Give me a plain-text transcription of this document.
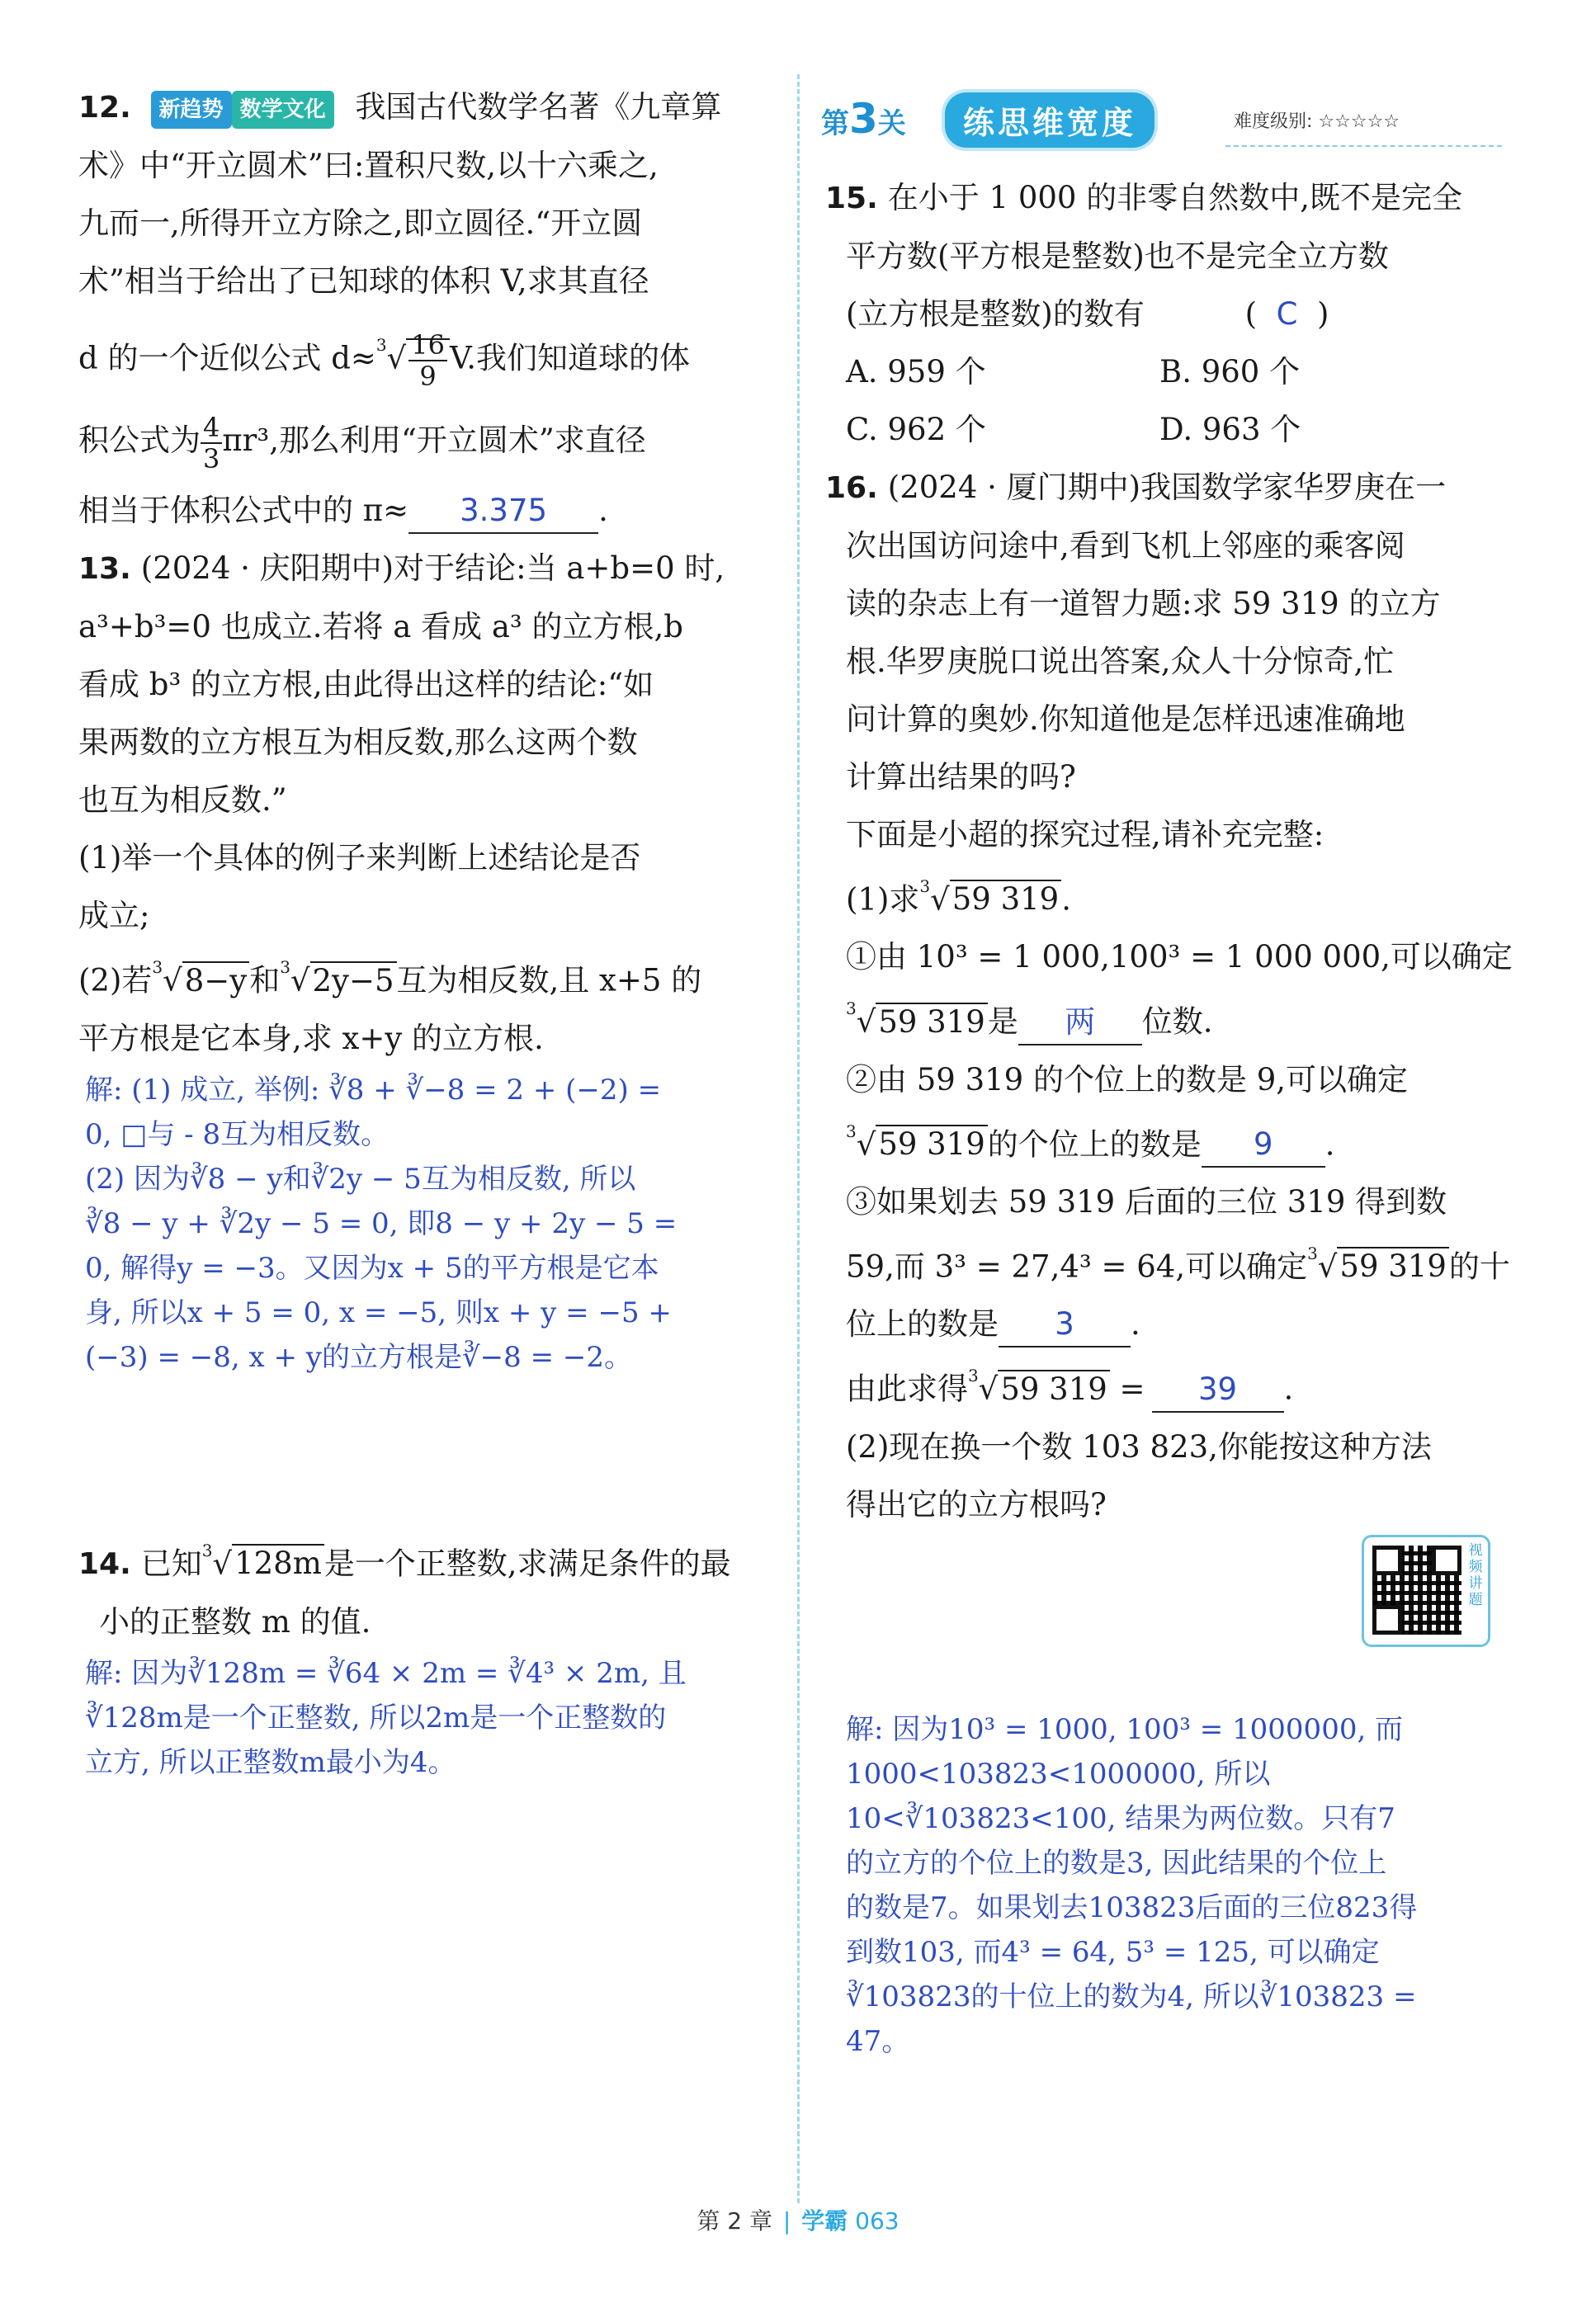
12. 新趋势 数学文化 我国古代数学名著《九章算

术》中“开立圆术”曰:置积尺数,以十六乘之,

九而一,所得开立方除之,即立圆径.“开立圆

术”相当于给出了已知球的体积 V,求其直径

d 的一个近似公式 $d\approx^3√ \frac{16}{9} V$.我们知道球的体

积公式为 $\frac{4}{3} \pi r^3$,那么利用“开立圆术”求直径

相当于体积公式中的 π≈ 3.375 .

13. (2024 · 庆阳期中)对于结论:当 a+b=0 时,

a³+b³=0 也成立.若将 a 看成 a³ 的立方根,b

看成 b³ 的立方根,由此得出这样的结论:“如

果两数的立方根互为相反数,那么这两个数

也互为相反数.”

(1)举一个具体的例子来判断上述结论是否

成立;

(2)若$^3$√8−y和$^3$√2y−5互为相反数,且 x+5 的

平方根是它本身,求 x+y 的立方根.

解: (1) 成立, 举例: ∛8 + ∛−8 = 2 + (−2) =

0, □与 - 8互为相反数。

(2) 因为∛8 − y和∛2y − 5互为相反数, 所以

∛8 − y + ∛2y − 5 = 0, 即8 − y + 2y − 5 =

0, 解得y = −3。又因为x + 5的平方根是它本

身, 所以x + 5 = 0, x = −5, 则x + y = −5 +

(−3) = −8, x + y的立方根是∛−8 = −2。

14. 已知$^3$√128m是一个正整数,求满足条件的最

小的正整数 m 的值.

解: 因为∛128m = ∛64 × 2m = ∛4³ × 2m, 且

∛128m是一个正整数, 所以2m是一个正整数的

立方, 所以正整数m最小为4。

第3关	练思维宽度	难度级别: ☆☆☆☆☆

15. 在小于 1 000 的非零自然数中,既不是完全

平方数(平方根是整数)也不是完全立方数

(立方根是整数)的数有	(  C  )

A. 959 个	B. 960 个

C. 962 个	D. 963 个

16. (2024 · 厦门期中)我国数学家华罗庚在一

次出国访问途中,看到飞机上邻座的乘客阅

读的杂志上有一道智力题:求 59 319 的立方

根.华罗庚脱口说出答案,众人十分惊奇,忙

问计算的奥妙.你知道他是怎样迅速准确地

计算出结果的吗?

下面是小超的探究过程,请补充完整:

(1)求$^3$√59 319.

①由 10³ = 1 000,100³ = 1 000 000,可以确定

$^3$√59 319是 两 位数.

②由 59 319 的个位上的数是 9,可以确定

$^3$√59 319的个位上的数是 9 .

③如果划去 59 319 后面的三位 319 得到数

59,而 3³ = 27,4³ = 64,可以确定$^3$√59 319的十

位上的数是 3 .

由此求得$^3$√59 319 = 39 .

(2)现在换一个数 103 823,你能按这种方法

得出它的立方根吗?

解: 因为10³ = 1000, 100³ = 1000000, 而

1000<103823<1000000, 所以

10<∛103823<100, 结果为两位数。只有7

的立方的个位上的数是3, 因此结果的个位上

的数是7。如果划去103823后面的三位823得

到数103, 而4³ = 64, 5³ = 125, 可以确定

∛103823的十位上的数为4, 所以∛103823 =

47。

视频讲题
第 2 章 | 学霸 063
